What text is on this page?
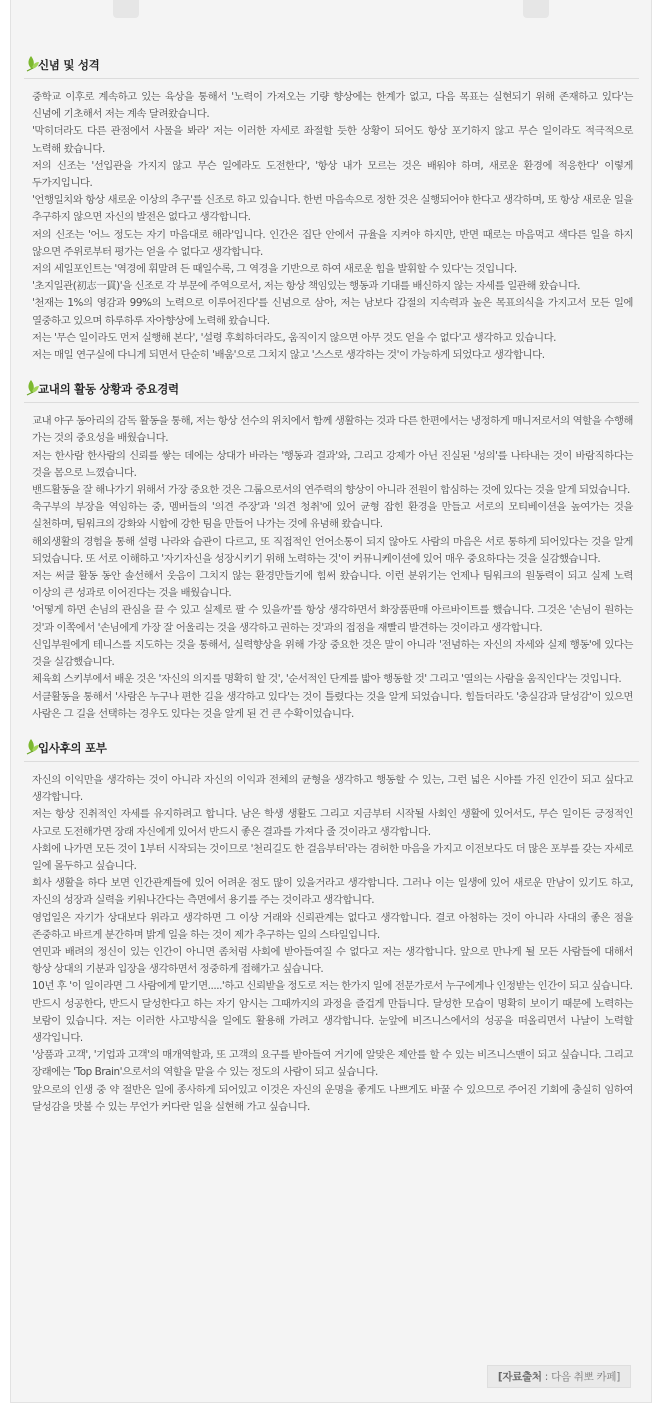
신념 및 성격
중학교 이후로 계속하고 있는 육상을 통해서 '노력이 가져오는 기량 향상에는 한계가 없고, 다음 목표는 실현되기 위해 존재하고 있다'는 신념에 기초해서 저는 계속 달려왔습니다.
'막히더라도 다른 관점에서 사물을 봐라' 저는 이러한 자세로 좌절할 듯한 상황이 되어도 항상 포기하지 않고 무슨 일이라도 적극적으로 노력해 왔습니다.
저의 신조는 '선입관을 가지지 않고 무슨 일에라도 도전한다', '항상 내가 모르는 것은 배워야 하며, 새로운 환경에 적응한다' 이렇게 두가지입니다.
'언행일치와 항상 새로운 이상의 추구'를 신조로 하고 있습니다. 한번 마음속으로 정한 것은 실행되어야 한다고 생각하며, 또 항상 새로운 일을 추구하지 않으면 자신의 발전은 없다고 생각합니다.
저의 신조는 '어느 정도는 자기 마음대로 해라'입니다. 인간은 집단 안에서 규율을 지켜야 하지만, 반면 때로는 마음먹고 색다른 일을 하지 않으면 주위로부터 평가는 얻을 수 없다고 생각합니다.
저의 세일포인트는 '역경에 휘말려 든 때일수록, 그 역경을 기반으로 하여 새로운 힘을 발휘할 수 있다'는 것입니다.
'초지일관(初志一貫)'을 신조로 각 부문에 주역으로서, 저는 항상 책임있는 행동과 기대를 배신하지 않는 자세를 일관해 왔습니다.
'천재는 1%의 영감과 99%의 노력으로 이루어진다'를 신념으로 삼아, 저는 남보다 갑절의 지속력과 높은 목표의식을 가지고서 모든 일에 열중하고 있으며 하루하루 자아향상에 노력해 왔습니다.
저는 '무슨 일이라도 먼저 실행해 본다', '설령 후회하더라도, 움직이지 않으면 아무 것도 얻을 수 없다'고 생각하고 있습니다.
저는 매일 연구실에 다니게 되면서 단순히 '배움'으로 그치지 않고 '스스로 생각하는 것'이 가능하게 되었다고 생각합니다.
교내의 활동 상황과 중요경력
교내 야구 동아리의 감독 활동을 통해, 저는 항상 선수의 위치에서 함께 생활하는 것과 다른 한편에서는 냉정하게 매니저로서의 역할을 수행해 가는 것의 중요성을 배웠습니다.
저는 한사람 한사람의 신뢰를 쌓는 데에는 상대가 바라는 '행동과 결과'와, 그리고 강제가 아닌 진실된 '성의'를 나타내는 것이 바람직하다는 것을 몸으로 느꼈습니다.
밴드활동을 잘 해나가기 위해서 가장 중요한 것은 그룹으로서의 연주력의 향상이 아니라 전원이 합심하는 것에 있다는 것을 알게 되었습니다.
축구부의 부장을 역임하는 중, 멤버들의 '의견 주장'과 '의견 청취'에 있어 균형 잡힌 환경을 만들고 서로의 모티베이션을 높여가는 것을 실천하며, 팀워크의 강화와 시합에 강한 팀을 만들어 나가는 것에 유념해 왔습니다.
해외생활의 경험을 통해 설령 나라와 습관이 다르고, 또 직접적인 언어소통이 되지 않아도 사람의 마음은 서로 통하게 되어있다는 것을 알게 되었습니다. 또 서로 이해하고 '자기자신을 성장시키기 위해 노력하는 것'이 커뮤니케이션에 있어 매우 중요하다는 것을 실감했습니다.
저는 써클 활동 동안 솔선해서 웃음이 그치지 않는 환경만들기에 힘써 왔습니다. 이런 분위기는 언제나 팀워크의 원동력이 되고 실제 노력 이상의 큰 성과로 이어진다는 것을 배웠습니다.
'어떻게 하면 손님의 관심을 끌 수 있고 실제로 팔 수 있을까'를 항상 생각하면서 화장품판매 아르바이트를 했습니다. 그것은 '손님이 원하는 것'과 이쪽에서 '손님에게 가장 잘 어울리는 것을 생각하고 권하는 것'과의 접점을 재빨리 발견하는 것이라고 생각합니다.
신입부원에게 테니스를 지도하는 것을 통해서, 실력향상을 위해 가장 중요한 것은 말이 아니라 '전념하는 자신의 자세와 실제 행동'에 있다는 것을 실감했습니다.
체육회 스키부에서 배운 것은 '자신의 의지를 명확히 할 것', '순서적인 단계를 밟아 행동할 것' 그리고 '열의는 사람을 움직인다'는 것입니다.
서클활동을 통해서 '사람은 누구나 편한 길을 생각하고 있다'는 것이 틀렸다는 것을 알게 되었습니다. 힘들더라도 '충실감과 달성감'이 있으면 사람은 그 길을 선택하는 경우도 있다는 것을 알게 된 건 큰 수확이었습니다.
입사후의 포부
자신의 이익만을 생각하는 것이 아니라 자신의 이익과 전체의 균형을 생각하고 행동할 수 있는, 그런 넓은 시야를 가진 인간이 되고 싶다고 생각합니다.
저는 항상 진취적인 자세를 유지하려고 합니다. 남은 학생 생활도 그리고 지금부터 시작될 사회인 생활에 있어서도, 무슨 일이든 긍정적인 사고로 도전해가면 장래 자신에게 있어서 반드시 좋은 결과를 가져다 줄 것이라고 생각합니다.
사회에 나가면 모든 것이 1부터 시작되는 것이므로 '천리길도 한 걸음부터'라는 겸허한 마음을 가지고 이전보다도 더 많은 포부를 갖는 자세로 일에 몰두하고 싶습니다.
회사 생활을 하다 보면 인간관계들에 있어 어려운 점도 많이 있을거라고 생각합니다. 그러나 이는 일생에 있어 새로운 만남이 있기도 하고, 자신의 성장과 실력을 키워나간다는 측면에서 용기를 주는 것이라고 생각합니다.
영업일은 자기가 상대보다 위라고 생각하면 그 이상 거래와 신뢰관계는 없다고 생각합니다. 결코 아첨하는 것이 아니라 사대의 좋은 점을 존중하고 바르게 분간하며 밝게 일을 하는 것이 제가 추구하는 일의 스타일입니다.
연민과 배려의 정신이 있는 인간이 아니면 좀처럼 사회에 받아들여질 수 없다고 저는 생각합니다. 앞으로 만나게 될 모든 사람들에 대해서 항상 상대의 기분과 입장을 생각하면서 정중하게 접해가고 싶습니다.
10년 후 '이 일이라면 그 사람에게 맡기면.....'하고 신뢰받을 정도로 저는 한가지 일에 전문가로서 누구에게나 인정받는 인간이 되고 싶습니다.
반드시 성공한다, 반드시 달성한다고 하는 자기 암시는 그때까지의 과정을 즐겁게 만듭니다. 달성한 모습이 명확히 보이기 때문에 노력하는 보람이 있습니다. 저는 이러한 사고방식을 일에도 활용해 가려고 생각합니다. 눈앞에 비즈니스에서의 성공을 떠올리면서 나날이 노력할 생각입니다.
'상품과 고객', '기업과 고객'의 매개역할과, 또 고객의 요구를 받아들여 거기에 알맞은 제안를 할 수 있는 비즈니스맨이 되고 싶습니다. 그리고 장래에는 'Top Brain'으로서의 역할을 맡을 수 있는 정도의 사람이 되고 싶습니다.
앞으로의 인생 중 약 절반은 일에 종사하게 되어있고 이것은 자신의 운명을 좋게도 나쁘게도 바꿀 수 있으므로 주어진 기회에 충실히 임하여 달성감을 맛볼 수 있는 무언가 커다란 일을 실현해 가고 싶습니다.
[자료출처 : 다음 취뽀 카페]
